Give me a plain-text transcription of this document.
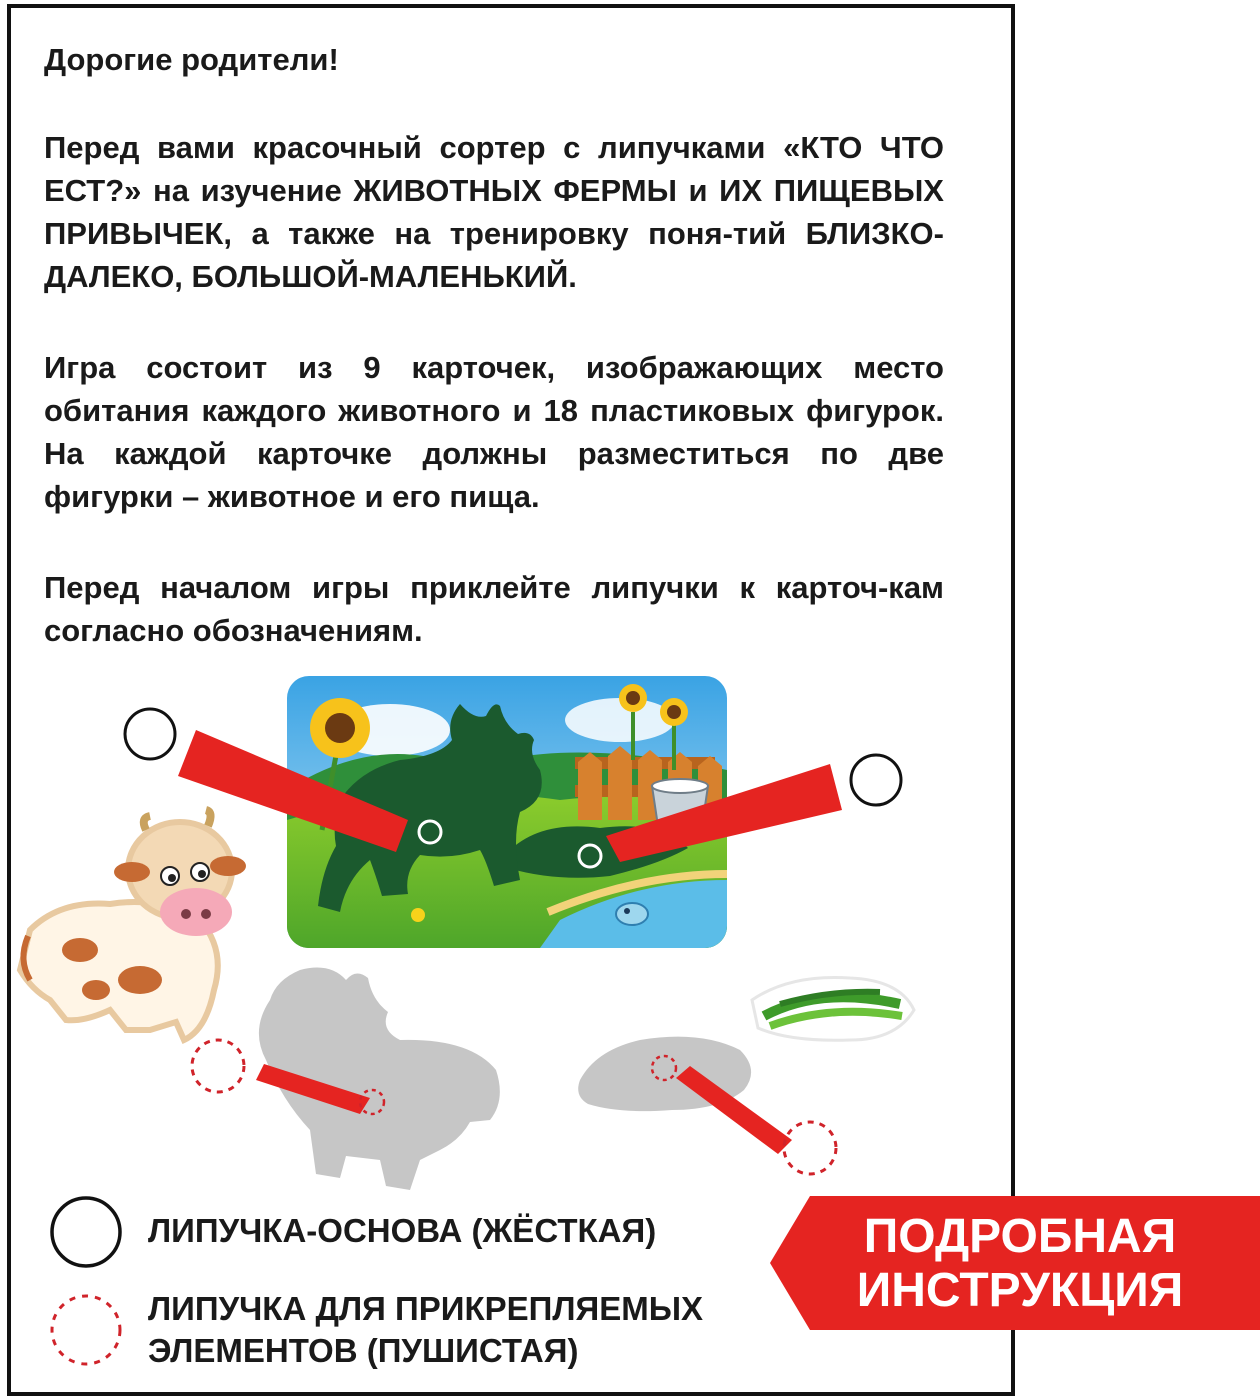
Дорогие родители!
Перед вами красочный сортер с липучками «КТО ЧТО ЕСТ?» на изучение ЖИВОТНЫХ ФЕРМЫ и ИХ ПИЩЕВЫХ ПРИВЫЧЕК, а также на тренировку поня-тий БЛИЗКО-ДАЛЕКО, БОЛЬШОЙ-МАЛЕНЬКИЙ.
Игра состоит из 9 карточек, изображающих место обитания каждого животного и 18 пластиковых фигурок. На каждой карточке должны разместиться по две фигурки – животное и его пища.
Перед началом игры приклейте липучки к карточ-кам согласно обозначениям.
ЛИПУЧКА-ОСНОВА (ЖЁСТКАЯ)
ЛИПУЧКА ДЛЯ ПРИКРЕПЛЯЕМЫХ
ЭЛЕМЕНТОВ (ПУШИСТАЯ)
ПОДРОБНАЯ
ИНСТРУКЦИЯ
